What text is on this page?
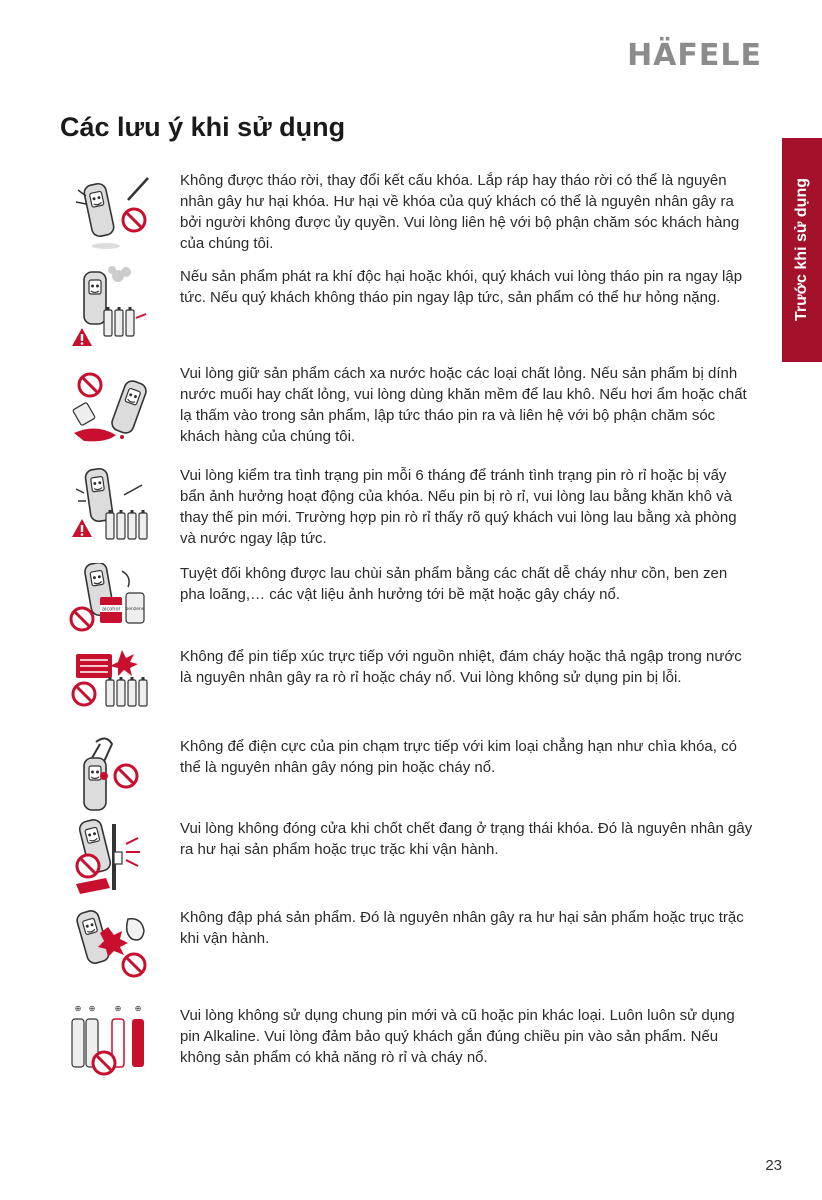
HÄFELE
Các lưu ý khi sử dụng
Trước khi sử dụng

Không được tháo rời, thay đổi kết cấu khóa. Lắp ráp hay tháo rời có thể là nguyên nhân gây hư hại khóa. Hư hại về khóa của quý khách có thể là nguyên nhân gây ra bởi người không được ủy quyền. Vui lòng liên hệ với bộ phận chăm sóc khách hàng của chúng tôi.

Nếu sản phẩm phát ra khí độc hại hoặc khói, quý khách vui lòng tháo pin ra ngay lập tức. Nếu quý khách không tháo pin ngay lập tức, sản phẩm có thể hư hỏng nặng.

Vui lòng giữ sản phẩm cách xa nước hoặc các loại chất lỏng. Nếu sản phẩm bị dính nước muối hay chất lỏng, vui lòng dùng khăn mềm để lau khô. Nếu hơi ẩm hoặc chất lạ thấm vào trong sản phẩm, lập tức tháo pin ra và liên hệ với bộ phận chăm sóc khách hàng của chúng tôi.

Vui lòng kiểm tra tình trạng pin mỗi 6 tháng để tránh tình trạng pin rò rỉ hoặc bị vấy bẩn ảnh hưởng hoạt động của khóa. Nếu pin bị rò rỉ, vui lòng lau bằng khăn khô và thay thế pin mới. Trường hợp pin rò rỉ thấy rõ quý khách vui lòng lau bằng xà phòng và nước ngay lập tức.

alcohol benzene

Tuyệt đối không được lau chùi sản phẩm bằng các chất dễ cháy như cồn, ben zen pha loãng,… các vật liệu ảnh hưởng tới bề mặt hoặc gây cháy nổ.

Không để pin tiếp xúc trực tiếp với nguồn nhiệt, đám cháy hoặc thả ngập trong nước là nguyên nhân gây ra rò rỉ hoặc cháy nổ. Vui lòng không sử dụng pin bị lỗi.

Không để điện cực của pin chạm trực tiếp với kim loại chẳng hạn như chìa khóa, có thể là nguyên nhân gây nóng pin hoặc cháy nổ.

Vui lòng không đóng cửa khi chốt chết đang ở trạng thái khóa. Đó là nguyên nhân gây ra hư hại sản phẩm hoặc trục trặc khi vận hành.

Không đập phá sản phẩm. Đó là nguyên nhân gây ra hư hại sản phẩm hoặc trục trặc khi vận hành.

⊕ ⊕ ⊕ ⊕	Vui lòng không sử dụng chung pin mới và cũ hoặc pin khác loại. Luôn luôn sử dụng pin Alkaline. Vui lòng đảm bảo quý khách gắn đúng chiều pin vào sản phẩm. Nếu không sản phẩm có khả năng rò rỉ và cháy nổ.

23
